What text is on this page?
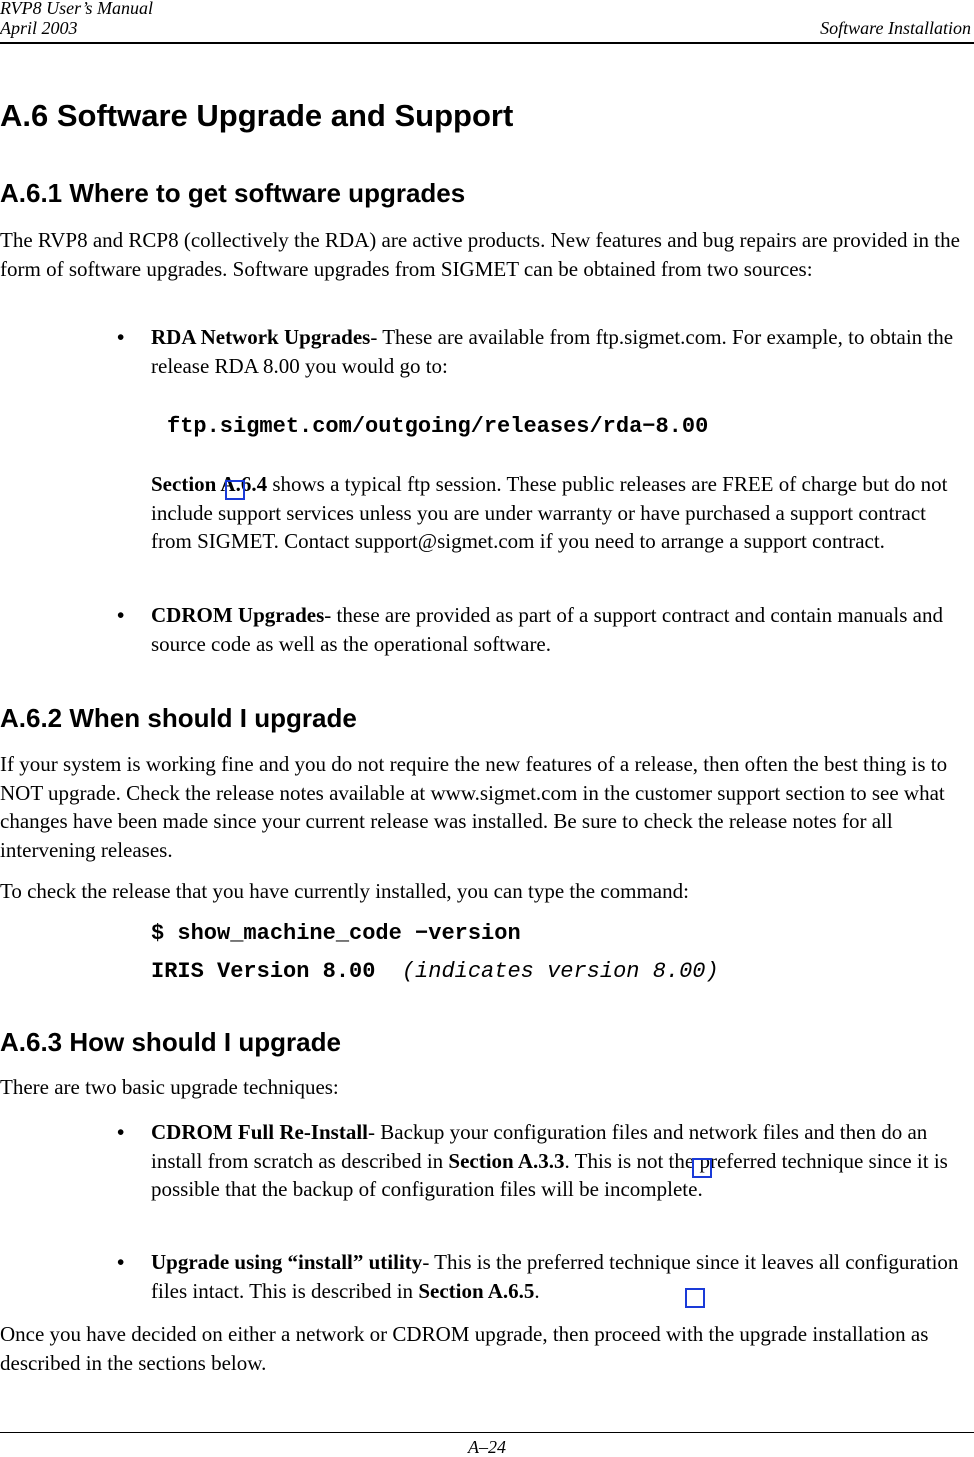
RVP8 User’s Manual
April 2003	Software Installation
A.6 Software Upgrade and Support
A.6.1 Where to get software upgrades
The RVP8 and RCP8 (collectively the RDA) are active products. New features and bug repairs are provided in the form of software upgrades. Software upgrades from SIGMET can be obtained from two sources:
• RDA Network Upgrades- These are available from ftp.sigmet.com. For example, to obtain the release RDA 8.00 you would go to:
ftp.sigmet.com/outgoing/releases/rda−8.00
Section A.6.4 shows a typical ftp session. These public releases are FREE of charge but do not include support services unless you are under warranty or have purchased a support contract from SIGMET. Contact support@sigmet.com if you need to arrange a support contract.
• CDROM Upgrades- these are provided as part of a support contract and contain manuals and source code as well as the operational software.
A.6.2 When should I upgrade
If your system is working fine and you do not require the new features of a release, then often the best thing is to NOT upgrade. Check the release notes available at www.sigmet.com in the customer support section to see what changes have been made since your current release was installed. Be sure to check the release notes for all intervening releases.
To check the release that you have currently installed, you can type the command:
$ show_machine_code −version
IRIS Version 8.00 (indicates version 8.00)
A.6.3 How should I upgrade
There are two basic upgrade techniques:
• CDROM Full Re-Install- Backup your configuration files and network files and then do an install from scratch as described in Section A.3.3. This is not the preferred technique since it is possible that the backup of configuration files will be incomplete.
• Upgrade using “install” utility- This is the preferred technique since it leaves all configuration files intact. This is described in Section A.6.5.
Once you have decided on either a network or CDROM upgrade, then proceed with the upgrade installation as described in the sections below.
A–24
